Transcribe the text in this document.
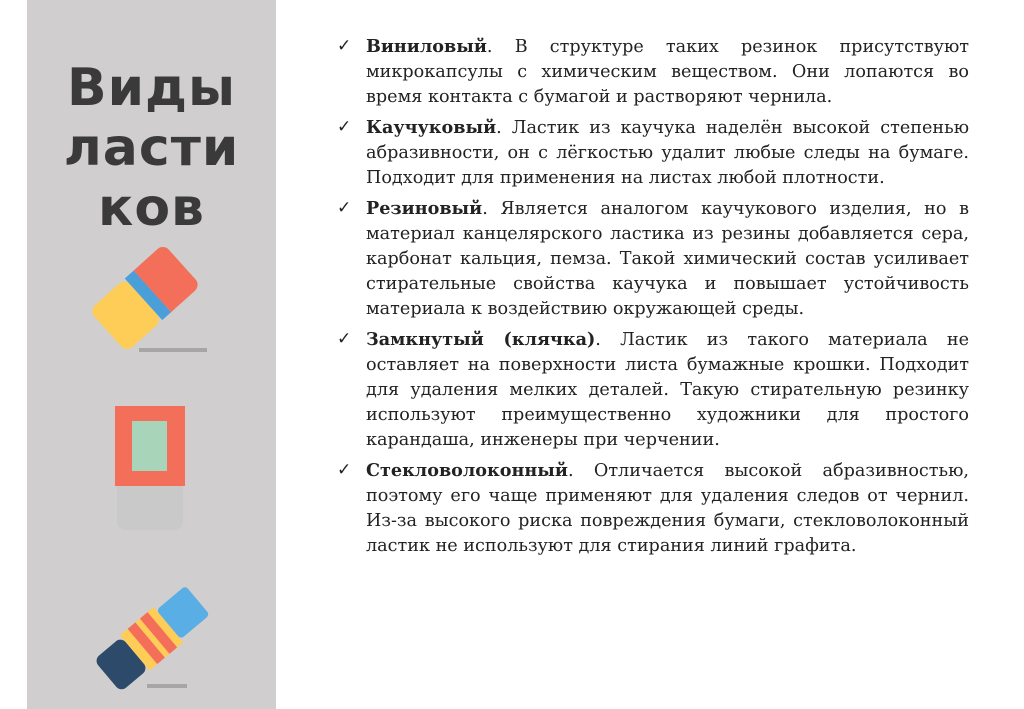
Виды
ласти
ков

✓ Виниловый. В структуре таких резинок присутствуют микрокапсулы с химическим веществом. Они лопаются во время контакта с бумагой и растворяют чернила.

✓ Каучуковый. Ластик из каучука наделён высокой степенью абразивности, он с лёгкостью удалит любые следы на бумаге. Подходит для применения на листах любой плотности.

✓ Резиновый. Является аналогом каучукового изделия, но в материал канцелярского ластика из резины добавляется сера, карбонат кальция, пемза. Такой химический состав усиливает стирательные свойства каучука и повышает устойчивость материала к воздействию окружающей среды.

✓ Замкнутый (клячка). Ластик из такого материала не оставляет на поверхности листа бумажные крошки. Подходит для удаления мелких деталей. Такую стирательную резинку используют преимущественно художники для простого карандаша, инженеры при черчении.

✓ Стекловолоконный. Отличается высокой абразивностью, поэтому его чаще применяют для удаления следов от чернил. Из-за высокого риска повреждения бумаги, стекловолоконный ластик не используют для стирания линий графита.
